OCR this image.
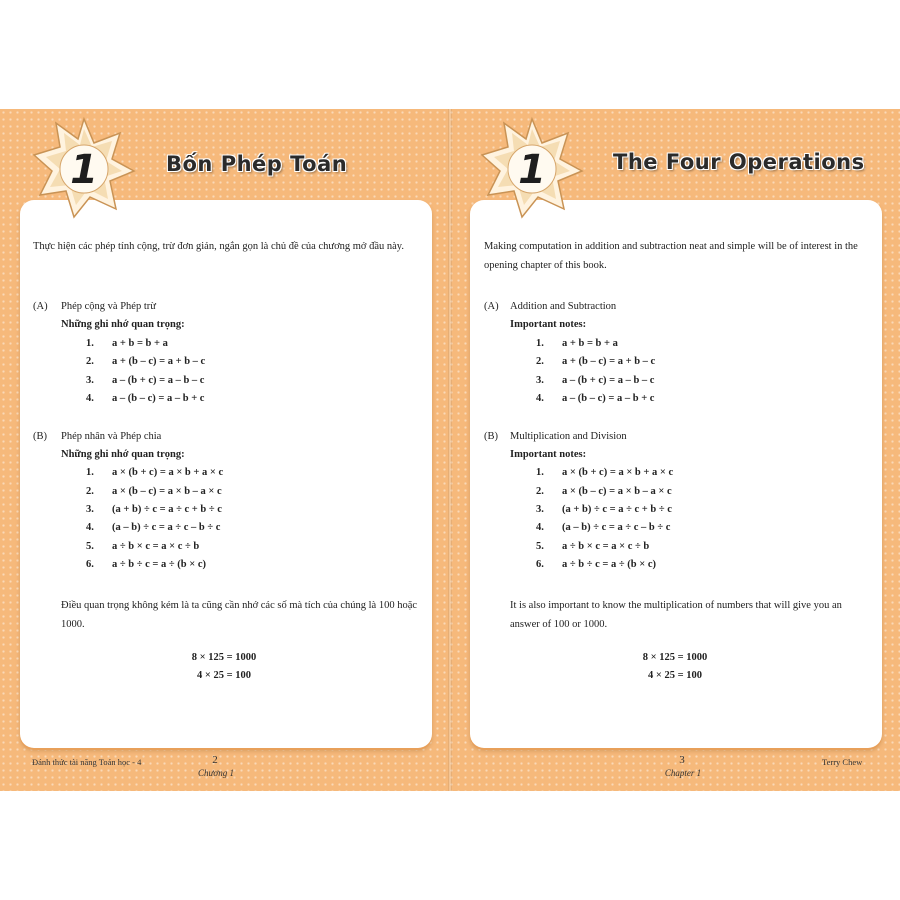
1	Bốn Phép Toán
Thực hiện các phép tính cộng, trừ đơn giản, ngắn gọn là chủ đề của chương mở đầu này.
(A) Phép cộng và Phép trừ
Những ghi nhớ quan trọng:
1. a + b = b + a
2. a + (b – c) = a + b – c
3. a – (b + c) = a – b – c
4. a – (b – c) = a – b + c
(B) Phép nhân và Phép chia
Những ghi nhớ quan trọng:
1. a × (b + c) = a × b + a × c
2. a × (b – c) = a × b – a × c
3. (a + b) ÷ c = a ÷ c + b ÷ c
4. (a – b) ÷ c = a ÷ c – b ÷ c
5. a ÷ b × c = a × c ÷ b
6. a ÷ b ÷ c = a ÷ (b × c)
Điều quan trọng không kém là ta cũng cần nhớ các số mà tích của chúng là 100 hoặc 1000.
8 × 125 = 1000
4 × 25 = 100
Đánh thức tài năng Toán học - 4	2
Chương 1
1	The Four Operations
Making computation in addition and subtraction neat and simple will be of interest in the opening chapter of this book.
(A) Addition and Subtraction
Important notes:
1. a + b = b + a
2. a + (b – c) = a + b – c
3. a – (b + c) = a – b – c
4. a – (b – c) = a – b + c
(B) Multiplication and Division
Important notes:
1. a × (b + c) = a × b + a × c
2. a × (b – c) = a × b – a × c
3. (a + b) ÷ c = a ÷ c + b ÷ c
4. (a – b) ÷ c = a ÷ c – b ÷ c
5. a ÷ b × c = a × c ÷ b
6. a ÷ b ÷ c = a ÷ (b × c)
It is also important to know the multiplication of numbers that will give you an answer of 100 or 1000.
8 × 125 = 1000
4 × 25 = 100
3
Chapter 1
Terry Chew
